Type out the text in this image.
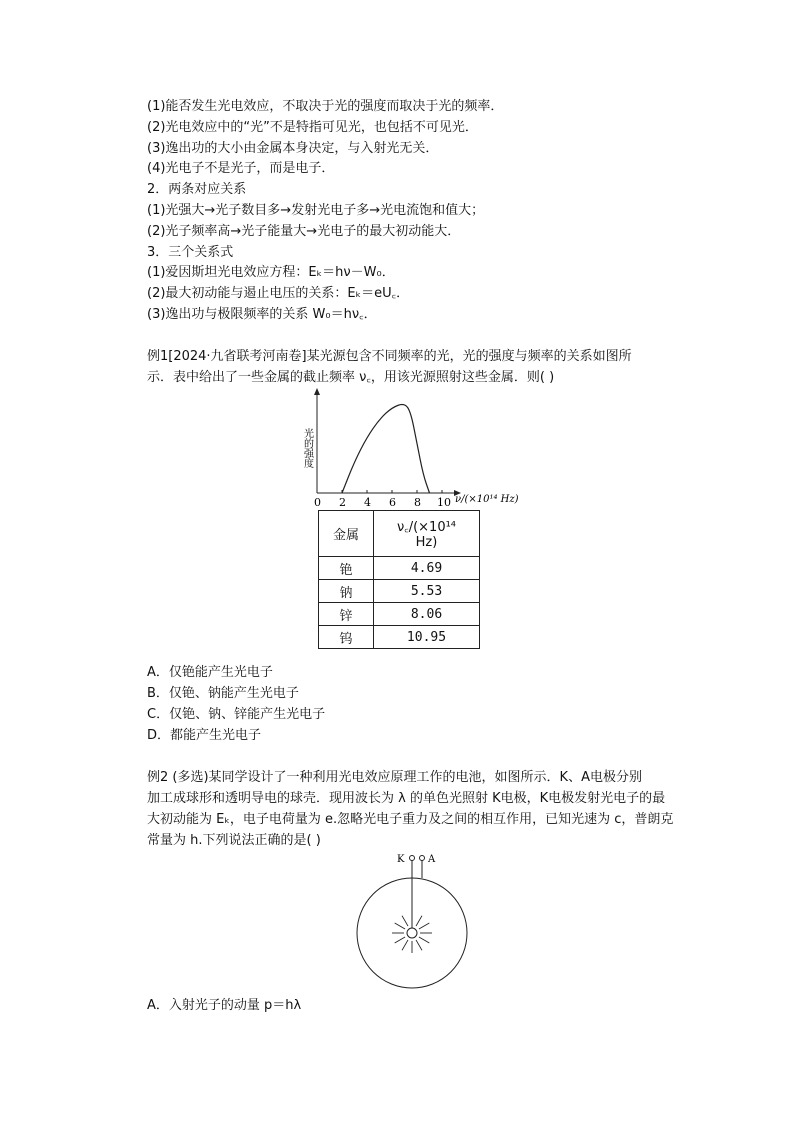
(1)能否发生光电效应，不取决于光的强度而取决于光的频率．
(2)光电效应中的“光”不是特指可见光，也包括不可见光．
(3)逸出功的大小由金属本身决定，与入射光无关．
(4)光电子不是光子，而是电子．
2．两条对应关系
(1)光强大→光子数目多→发射光电子多→光电流饱和值大；
(2)光子频率高→光子能量大→光电子的最大初动能大．
3．三个关系式
(1)爱因斯坦光电效应方程：Eₖ＝hν－W₀．
(2)最大初动能与遏止电压的关系：Eₖ＝eU꜀．
(3)逸出功与极限频率的关系 W₀＝hν꜀．
例1[2024·九省联考河南卷]某光源包含不同频率的光，光的强度与频率的关系如图所
示．表中给出了一些金属的截止频率 ν꜀，用该光源照射这些金属．则( )
光的强度
0 2 4 6 8 10 ν/(×10¹⁴ Hz)
金属	ν꜀/(×10¹⁴
Hz)

铯	4.69
钠	5.53
锌	8.06
钨	10.95
A．仅铯能产生光电子
B．仅铯、钠能产生光电子
C．仅铯、钠、锌能产生光电子
D．都能产生光电子
例2 (多选)某同学设计了一种利用光电效应原理工作的电池，如图所示．K、A电极分别
加工成球形和透明导电的球壳．现用波长为 λ 的单色光照射 K电极，K电极发射光电子的最
大初动能为 Eₖ，电子电荷量为 e.忽略光电子重力及之间的相互作用，已知光速为 c，普朗克
常量为 h.下列说法正确的是( )
K A
A．入射光子的动量 p＝hλ
